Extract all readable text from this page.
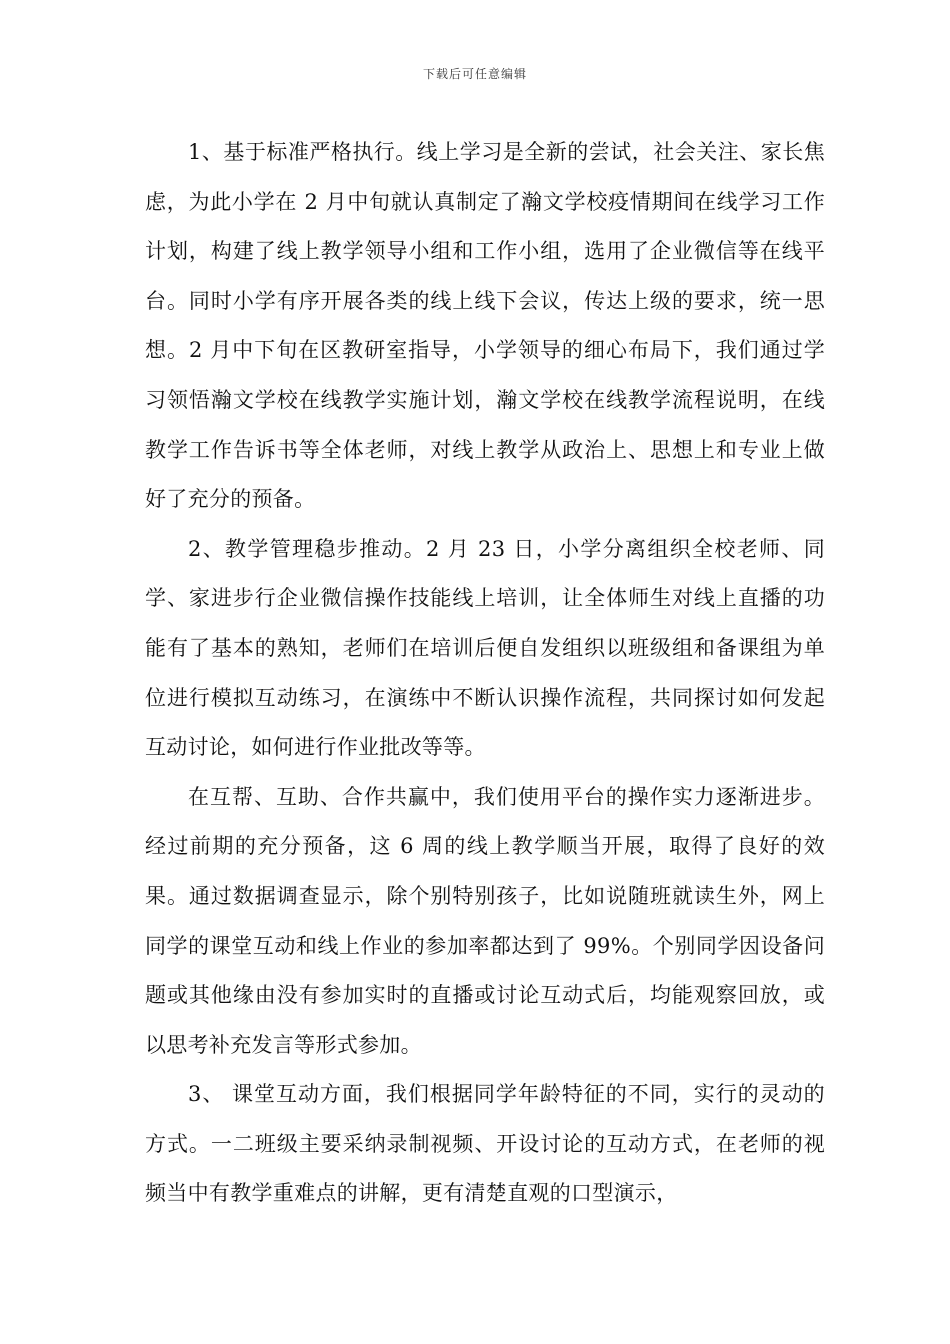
下载后可任意编辑

1、基于标准严格执行。线上学习是全新的尝试，社会关注、家长焦虑，为此小学在 2 月中旬就认真制定了瀚文学校疫情期间在线学习工作计划，构建了线上教学领导小组和工作小组，选用了企业微信等在线平台。同时小学有序开展各类的线上线下会议，传达上级的要求，统一思想。2 月中下旬在区教研室指导，小学领导的细心布局下，我们通过学习领悟瀚文学校在线教学实施计划，瀚文学校在线教学流程说明，在线教学工作告诉书等全体老师，对线上教学从政治上、思想上和专业上做好了充分的预备。

2、教学管理稳步推动。2 月 23 日，小学分离组织全校老师、同学、家进步行企业微信操作技能线上培训，让全体师生对线上直播的功能有了基本的熟知，老师们在培训后便自发组织以班级组和备课组为单位进行模拟互动练习，在演练中不断认识操作流程，共同探讨如何发起互动讨论，如何进行作业批改等等。

在互帮、互助、合作共赢中，我们使用平台的操作实力逐渐进步。经过前期的充分预备，这 6 周的线上教学顺当开展，取得了良好的效果。通过数据调查显示，除个别特别孩子，比如说随班就读生外，网上同学的课堂互动和线上作业的参加率都达到了 99%。个别同学因设备问题或其他缘由没有参加实时的直播或讨论互动式后，均能观察回放，或以思考补充发言等形式参加。

3、 课堂互动方面，我们根据同学年龄特征的不同，实行的灵动的方式。一二班级主要采纳录制视频、开设讨论的互动方式，在老师的视频当中有教学重难点的讲解，更有清楚直观的口型演示，
